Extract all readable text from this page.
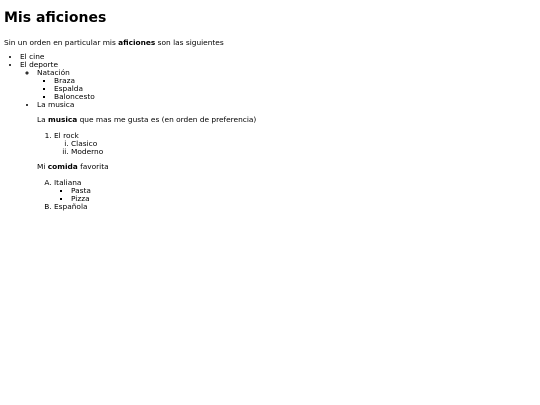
Mis aficiones

Sin un orden en particular mis aficiones son las siguientes

• El cine
• El deporte
◦ Natación
▪ Braza
▪ Espalda
▪ Baloncesto
• La musica

La musica que mas me gusta es (en orden de preferencia)

1. El rock
i. Clasico
ii. Moderno

Mi comida favorita

A. Italiana
▪ Pasta
▪ Pizza
B. Española
